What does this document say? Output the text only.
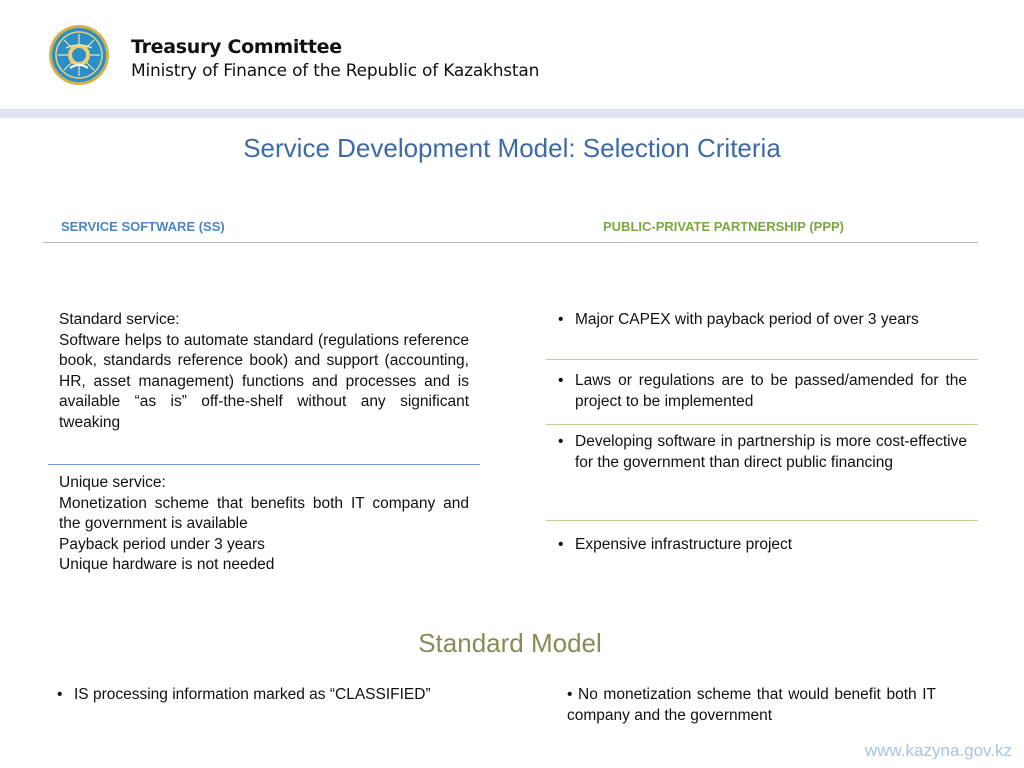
Treasury Committee
Ministry of Finance of the Republic of Kazakhstan
Service Development Model: Selection Criteria
SERVICE SOFTWARE (SS)	PUBLIC-PRIVATE PARTNERSHIP (PPP)
Standard service:
Software helps to automate standard (regulations reference book, standards reference book) and support (accounting, HR, asset management) functions and processes and is available “as is” off-the-shelf without any significant tweaking
Unique service:
Monetization scheme that benefits both IT company and the government is available
Payback period under 3 years
Unique hardware is not needed
• Major CAPEX with payback period of over 3 years
• Laws or regulations are to be passed/amended for the project to be implemented
• Developing software in partnership is more cost-effective for the government than direct public financing
• Expensive infrastructure project
Standard Model
• IS processing information marked as “CLASSIFIED”	• No monetization scheme that would benefit both IT company and the government
www.kazyna.gov.kz
